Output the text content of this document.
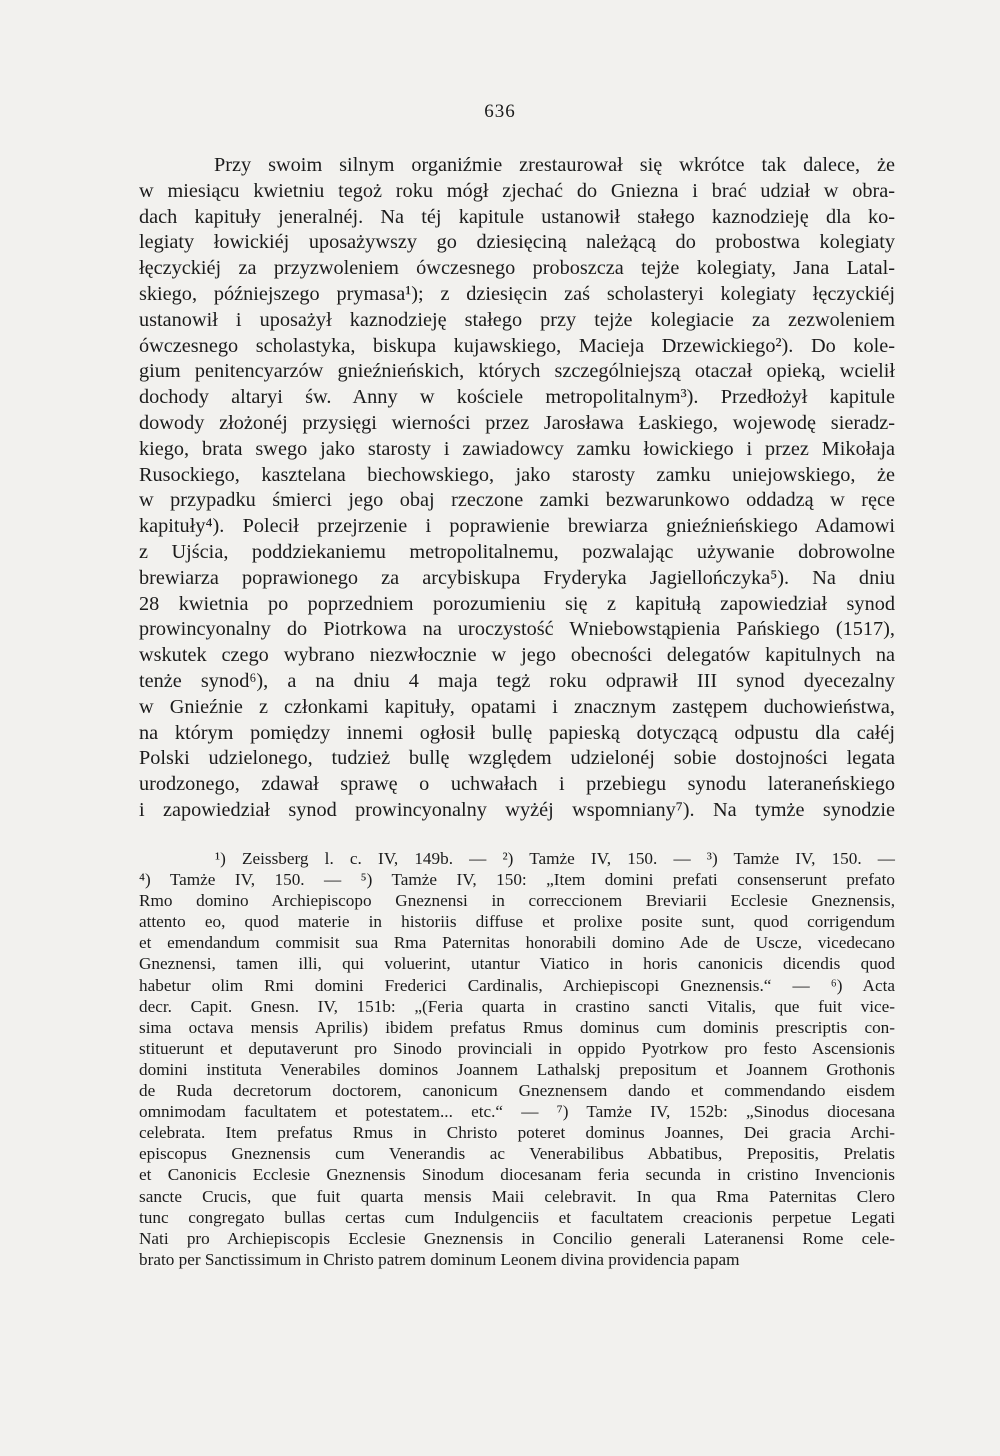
636
Przy swoim silnym organiźmie zrestaurował się wkrótce tak dalece, że
w miesiącu kwietniu tegoż roku mógł zjechać do Gniezna i brać udział w obra-
dach kapituły jeneralnéj. Na téj kapitule ustanowił stałego kaznodzieję dla ko-
legiaty łowickiéj uposażywszy go dziesięciną należącą do probostwa kolegiaty
łęczyckiéj za przyzwoleniem ówczesnego proboszcza tejże kolegiaty, Jana Latal-
skiego, późniejszego prymasa¹); z dziesięcin zaś scholasteryi kolegiaty łęczyckiéj
ustanowił i uposażył kaznodzieję stałego przy tejże kolegiacie za zezwoleniem
ówczesnego scholastyka, biskupa kujawskiego, Macieja Drzewickiego²). Do kole-
gium penitencyarzów gnieźnieńskich, których szczególniejszą otaczał opieką, wcielił
dochody altaryi św. Anny w kościele metropolitalnym³). Przedłożył kapitule
dowody złożonéj przysięgi wierności przez Jarosława Łaskiego, wojewodę sieradz-
kiego, brata swego jako starosty i zawiadowcy zamku łowickiego i przez Mikołaja
Rusockiego, kasztelana biechowskiego, jako starosty zamku uniejowskiego, że
w przypadku śmierci jego obaj rzeczone zamki bezwarunkowo oddadzą w ręce
kapituły⁴). Polecił przejrzenie i poprawienie brewiarza gnieźnieńskiego Adamowi
z Ujścia, poddziekaniemu metropolitalnemu, pozwalając używanie dobrowolne
brewiarza poprawionego za arcybiskupa Fryderyka Jagiellończyka⁵). Na dniu
28 kwietnia po poprzedniem porozumieniu się z kapitułą zapowiedział synod
prowincyonalny do Piotrkowa na uroczystość Wniebowstąpienia Pańskiego (1517),
wskutek czego wybrano niezwłocznie w jego obecności delegatów kapitulnych na
tenże synod⁶), a na dniu 4 maja tegż roku odprawił III synod dyecezalny
w Gnieźnie z członkami kapituły, opatami i znacznym zastępem duchowieństwa,
na którym pomiędzy innemi ogłosił bullę papieską dotyczącą odpustu dla całéj
Polski udzielonego, tudzież bullę względem udzielonéj sobie dostojności legata
urodzonego, zdawał sprawę o uchwałach i przebiegu synodu lateraneńskiego
i zapowiedział synod prowincyonalny wyżéj wspomniany⁷). Na tymże synodzie
¹) Zeissberg l. c. IV, 149b. — ²) Tamże IV, 150. — ³) Tamże IV, 150. —
⁴) Tamże IV, 150. — ⁵) Tamże IV, 150: „Item domini prefati consenserunt prefato
Rmo domino Archiepiscopo Gneznensi in correccionem Breviarii Ecclesie Gneznensis,
attento eo, quod materie in historiis diffuse et prolixe posite sunt, quod corrigendum
et emendandum commisit sua Rma Paternitas honorabili domino Ade de Uscze, vicedecano
Gneznensi, tamen illi, qui voluerint, utantur Viatico in horis canonicis dicendis quod
habetur olim Rmi domini Frederici Cardinalis, Archiepiscopi Gneznensis.“ — ⁶) Acta
decr. Capit. Gnesn. IV, 151b: „(Feria quarta in crastino sancti Vitalis, que fuit vice-
sima octava mensis Aprilis) ibidem prefatus Rmus dominus cum dominis prescriptis con-
stituerunt et deputaverunt pro Sinodo provinciali in oppido Pyotrkow pro festo Ascensionis
domini instituta Venerabiles dominos Joannem Lathalskj prepositum et Joannem Grothonis
de Ruda decretorum doctorem, canonicum Gneznensem dando et commendando eisdem
omnimodam facultatem et potestatem... etc.“ — ⁷) Tamże IV, 152b: „Sinodus diocesana
celebrata. Item prefatus Rmus in Christo poteret dominus Joannes, Dei gracia Archi-
episcopus Gneznensis cum Venerandis ac Venerabilibus Abbatibus, Prepositis, Prelatis
et Canonicis Ecclesie Gneznensis Sinodum diocesanam feria secunda in cristino Invencionis
sancte Crucis, que fuit quarta mensis Maii celebravit. In qua Rma Paternitas Clero
tunc congregato bullas certas cum Indulgenciis et facultatem creacionis perpetue Legati
Nati pro Archiepiscopis Ecclesie Gneznensis in Concilio generali Lateranensi Rome cele-
brato per Sanctissimum in Christo patrem dominum Leonem divina providencia papam
